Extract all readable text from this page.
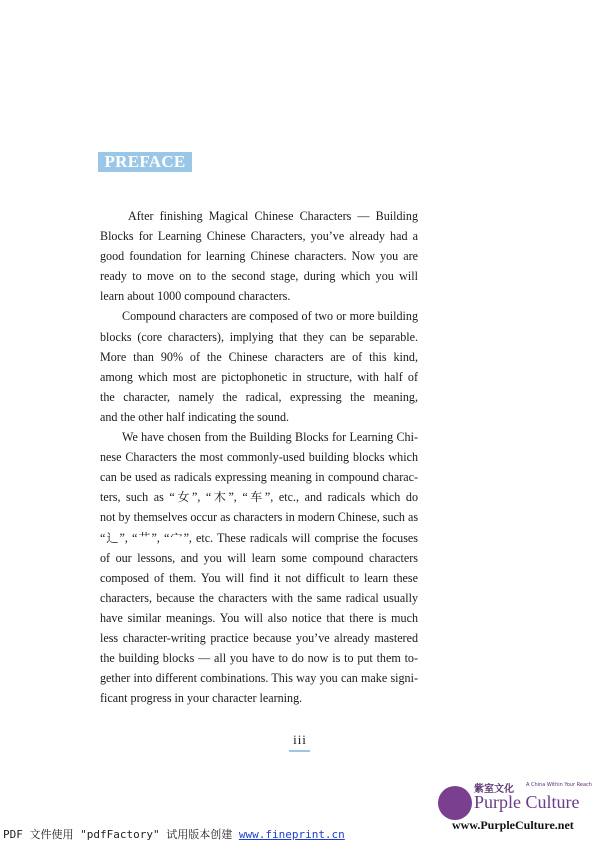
PREFACE
After finishing Magical Chinese Characters — Building
Blocks for Learning Chinese Characters, you’ve already had a
good foundation for learning Chinese characters. Now you are
ready to move on to the second stage, during which you will
learn about 1000 compound characters.
Compound characters are composed of two or more building
blocks (core characters), implying that they can be separable.
More than 90% of the Chinese characters are of this kind,
among which most are pictophonetic in structure, with half of
the character, namely the radical, expressing the meaning,
and the other half indicating the sound.
We have chosen from the Building Blocks for Learning Chi-
nese Characters the most commonly-used building blocks which
can be used as radicals expressing meaning in compound charac-
ters, such as “女”, “木”, “车”, etc., and radicals which do
not by themselves occur as characters in modern Chinese, such as
“辶”, “艹”, “宀”, etc. These radicals will comprise the focuses
of our lessons, and you will learn some compound characters
composed of them. You will find it not difficult to learn these
characters, because the characters with the same radical usually
have similar meanings. You will also notice that there is much
less character-writing practice because you’ve already mastered
the building blocks — all you have to do now is to put them to-
gether into different combinations. This way you can make signi-
ficant progress in your character learning.
iii
紫室文化 A China Within Your Reach
Purple Culture
www.PurpleCulture.net
PDF 文件使用 "pdfFactory" 试用版本创建 www.fineprint.cn
